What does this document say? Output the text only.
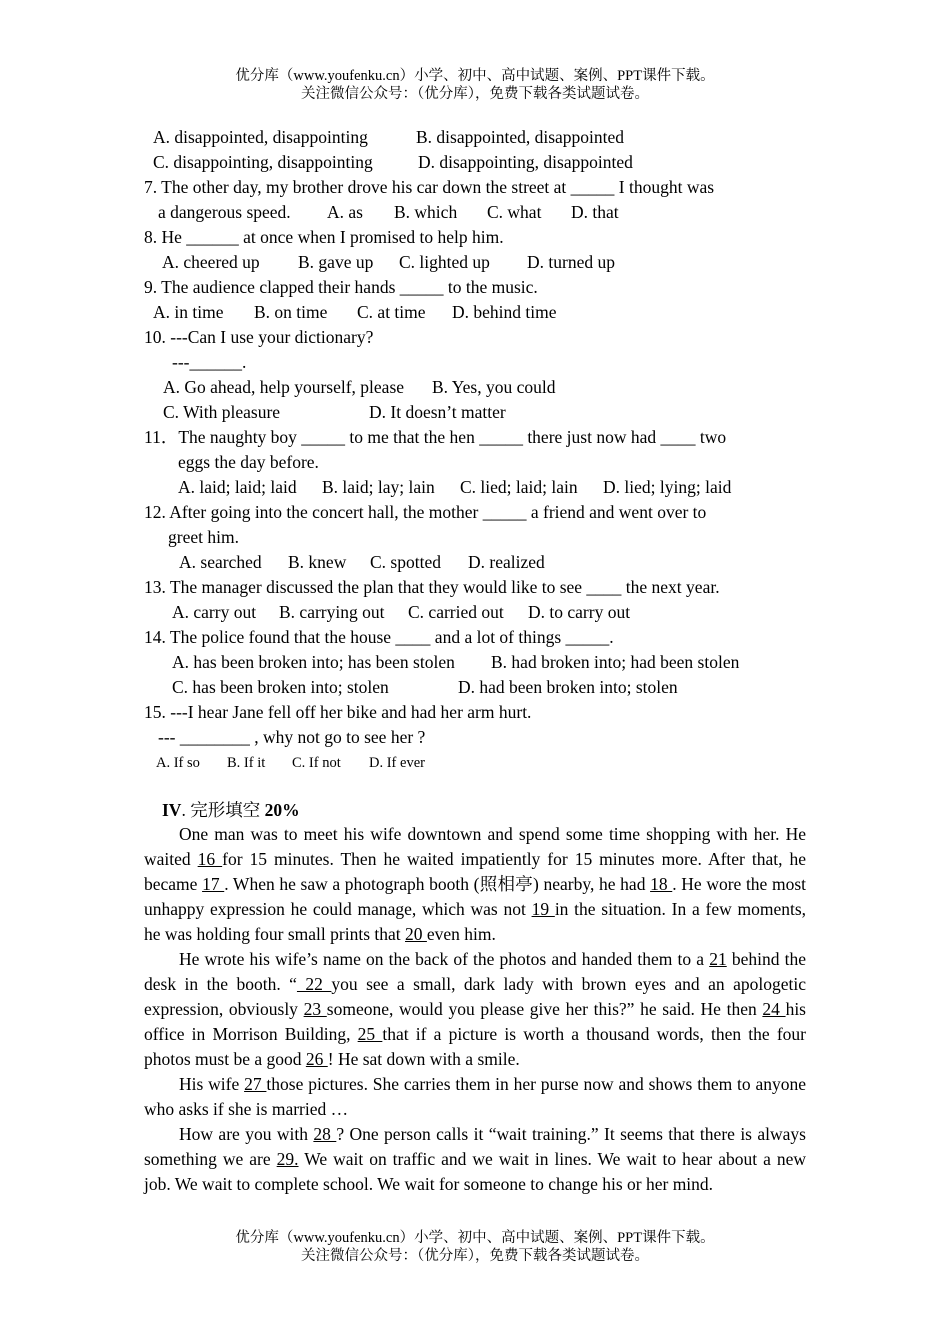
优分库（www.youfenku.cn）小学、初中、高中试题、案例、PPT课件下载。
关注微信公众号：（优分库），免费下载各类试题试卷。
A. disappointed, disappointing	B. disappointed, disappointed
C. disappointing, disappointing	D. disappointing, disappointed
7. The other day, my brother drove his car down the street at _____ I thought was
a dangerous speed. A. as B. which C. what D. that
8. He ______ at once when I promised to help him.
A. cheered up B. gave up C. lighted up D. turned up
9. The audience clapped their hands _____ to the music.
A. in time B. on time C. at time D. behind time
10. ---Can I use your dictionary?
---______.
A. Go ahead, help yourself, please B. Yes, you could
C. With pleasure	D. It doesn’t matter
11．The naughty boy _____ to me that the hen _____ there just now had ____ two
eggs the day before.
A. laid; laid; laid B. laid; lay; lain C. lied; laid; lain D. lied; lying; laid
12. After going into the concert hall, the mother _____ a friend and went over to
greet him.
A. searched B. knew C. spotted D. realized
13. The manager discussed the plan that they would like to see ____ the next year.
A. carry out B. carrying out C. carried out D. to carry out
14. The police found that the house ____ and a lot of things _____.
A. has been broken into; has been stolen B. had broken into; had been stolen
C. has been broken into; stolen	D. had been broken into; stolen
15. ---I hear Jane fell off her bike and had her arm hurt.
--- ________ , why not go to see her ?
A. If so B. If it C. If not D. If ever
IV. 完形填空 20%
One man was to meet his wife downtown and spend some time shopping with her. He waited 16 for 15 minutes. Then he waited impatiently for 15 minutes more. After that, he became 17 . When he saw a photograph booth (照相亭) nearby, he had 18 . He wore the most unhappy expression he could manage, which was not 19 in the situation. In a few moments, he was holding four small prints that 20 even him.
He wrote his wife’s name on the back of the photos and handed them to a 21 behind the desk in the booth. “ 22 you see a small, dark lady with brown eyes and an apologetic expression, obviously 23 someone, would you please give her this?” he said. He then 24 his office in Morrison Building, 25 that if a picture is worth a thousand words, then the four photos must be a good 26 ! He sat down with a smile.
His wife 27 those pictures. She carries them in her purse now and shows them to anyone who asks if she is married …
How are you with 28 ? One person calls it “wait training.” It seems that there is always something we are 29. We wait on traffic and we wait in lines. We wait to hear about a new job. We wait to complete school. We wait for someone to change his or her mind.
优分库（www.youfenku.cn）小学、初中、高中试题、案例、PPT课件下载。
关注微信公众号：（优分库），免费下载各类试题试卷。
